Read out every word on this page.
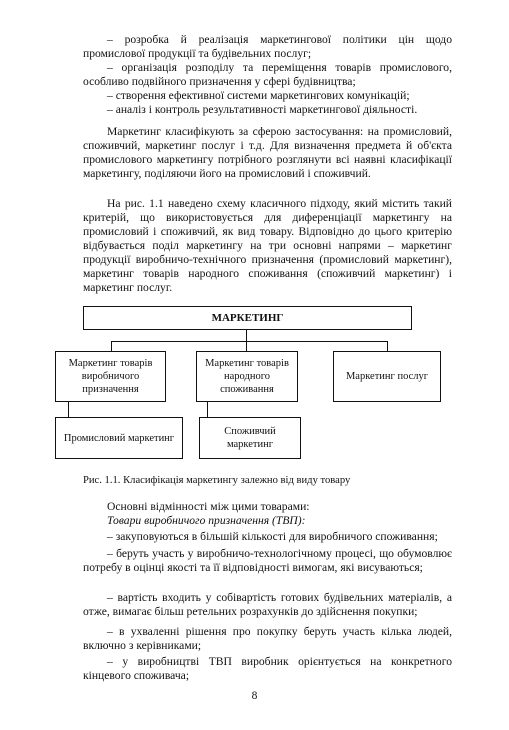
– розробка й реалізація маркетингової політики цін щодо промислової продукції та будівельних послуг;

– організація розподілу та переміщення товарів промислового, особливо подвійного призначення у сфері будівництва;

– створення ефективної системи маркетингових комунікацій;

– аналіз і контроль результативності маркетингової діяльності.

Маркетинг класифікують за сферою застосування: на промисловий, споживчий, маркетинг послуг і т.д. Для визначення предмета й об'єкта промислового маркетингу потрібного розглянути всі наявні класифікації маркетингу, поділяючи його на промисловий і споживчий.

На рис. 1.1 наведено схему класичного підходу, який містить такий критерій, що використовується для диференціації маркетингу на промисловий і споживчий, як вид товару. Відповідно до цього критерію відбувається поділ маркетингу на три основні напрями – маркетинг продукції виробничо-технічного призначення (промисловий маркетинг), маркетинг товарів народного споживання (споживчий маркетинг) і маркетинг послуг.

МАРКЕТИНГ
Маркетинг товарів виробничого призначення
Маркетинг товарів народного споживання
Маркетинг послуг
Промисловий маркетинг
Споживчий маркетинг

Рис. 1.1. Класифікація маркетингу залежно від виду товару

Основні відмінності між цими товарами:

Товари виробничого призначення (ТВП):

– закуповуються в більшій кількості для виробничого споживання;

– беруть участь у виробничо-технологічному процесі, що обумовлює потребу в оцінці якості та її відповідності вимогам, які висуваються;

– вартість входить у собівартість готових будівельних матеріалів, а отже, вимагає більш ретельних розрахунків до здійснення покупки;

– в ухваленні рішення про покупку беруть участь кілька людей, включно з керівниками;

– у виробництві ТВП виробник орієнтується на конкретного кінцевого споживача;

8
